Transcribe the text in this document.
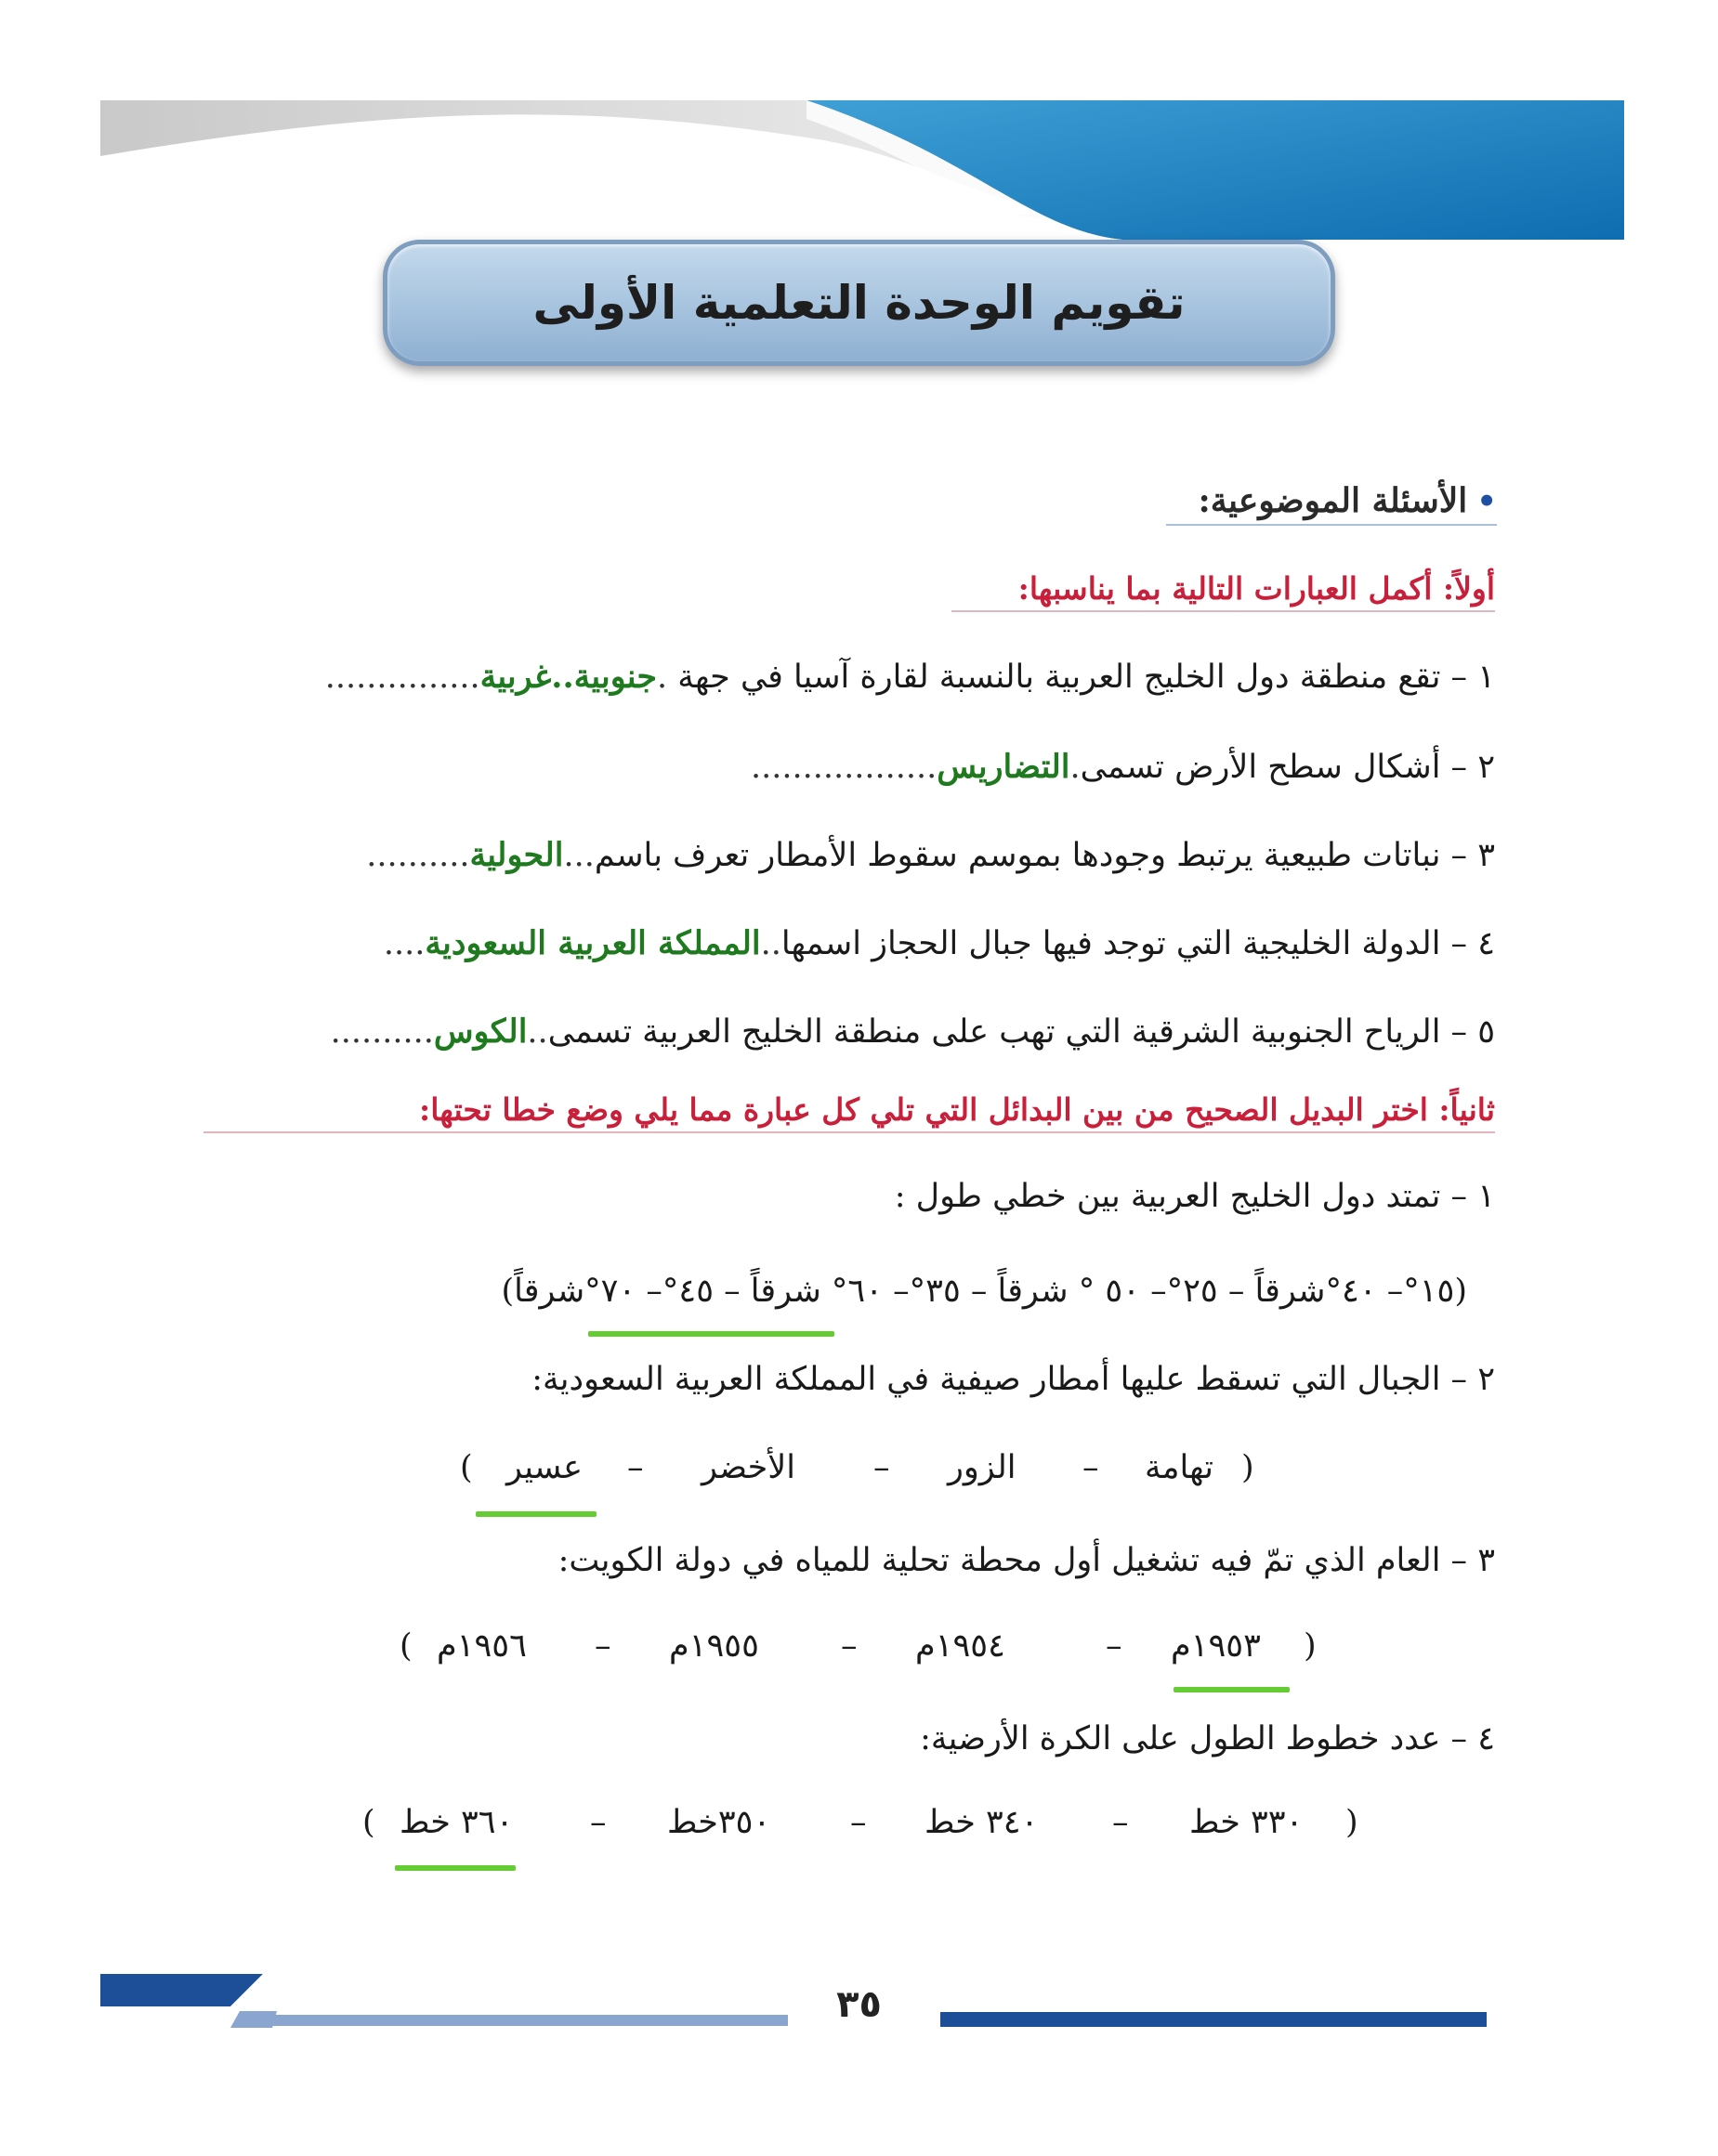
تقويم الوحدة التعلمية الأولى
•الأسئلة الموضوعية:
أولاً: أكمل العبارات التالية بما يناسبها:
١ – تقع منطقة دول الخليج العربية بالنسبة لقارة آسيا في جهة .جنوبية..غربية...............
٢ – أشكال سطح الأرض تسمى.التضاريس..................
٣ – نباتات طبيعية يرتبط وجودها بموسم سقوط الأمطار تعرف باسم...الحولية..........
٤ – الدولة الخليجية التي توجد فيها جبال الحجاز اسمها..المملكة العربية السعودية....
٥ – الرياح الجنوبية الشرقية التي تهب على منطقة الخليج العربية تسمى..الكوس..........
ثانياً: اختر البديل الصحيح من بين البدائل التي تلي كل عبارة مما يلي وضع خطا تحتها:
١ – تمتد دول الخليج العربية بين خطي طول :
(١٥°– ٤٠°شرقاً – ٢٥°– ٥٠ ° شرقاً – ٣٥°– ٦٠° شرقاً – ٤٥°– ٧٠°شرقاً)
٢ – الجبال التي تسقط عليها أمطار صيفية في المملكة العربية السعودية:
(
تهامة
–
الزور
–
الأخضر
–
عسير
)
٣ – العام الذي تمّ فيه تشغيل أول محطة تحلية للمياه في دولة الكويت:
(
١٩٥٣م
–
١٩٥٤م
–
١٩٥٥م
–
١٩٥٦م
)
٤ – عدد خطوط الطول على الكرة الأرضية:
(
٣٣٠ خط
–
٣٤٠ خط
–
٣٥٠خط
–
٣٦٠ خط
)
٣٥
